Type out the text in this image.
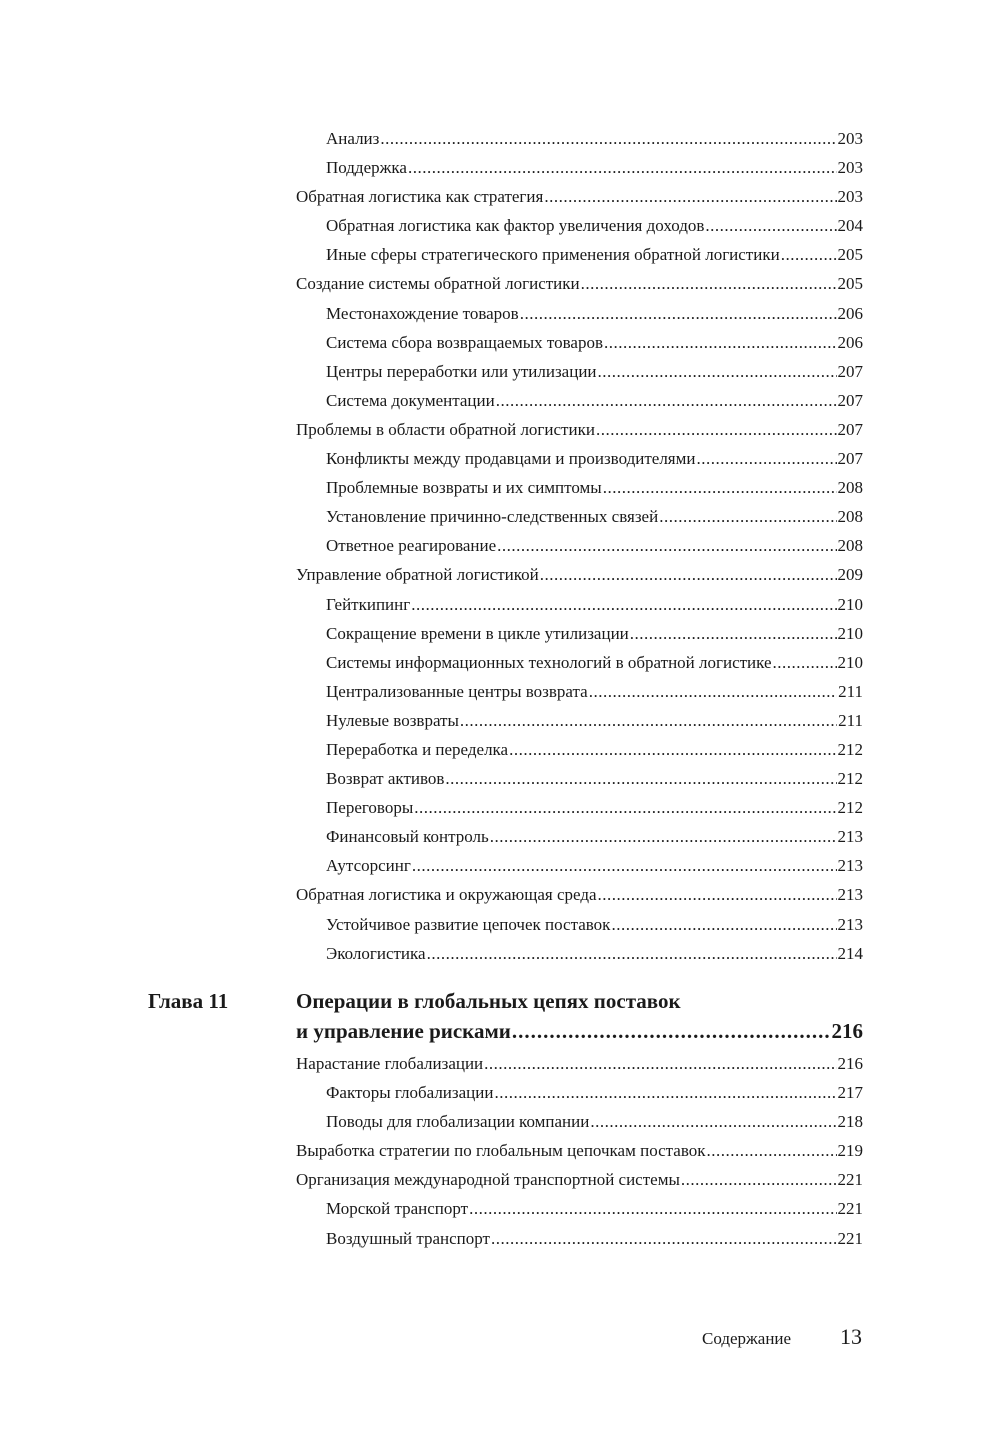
Анализ .....	203
Поддержка .....	203
Обратная логистика как стратегия .....	203
Обратная логистика как фактор увеличения доходов .....	204
Иные сферы стратегического применения обратной логистики .....	205
Создание системы обратной логистики .....	205
Местонахождение товаров .....	206
Система сбора возвращаемых товаров .....	206
Центры переработки или утилизации .....	207
Система документации .....	207
Проблемы в области обратной логистики .....	207
Конфликты между продавцами и производителями .....	207
Проблемные возвраты и их симптомы .....	208
Установление причинно-следственных связей .....	208
Ответное реагирование .....	208
Управление обратной логистикой .....	209
Гейткипинг .....	210
Сокращение времени в цикле утилизации .....	210
Системы информационных технологий в обратной логистике .....	210
Централизованные центры возврата .....	211
Нулевые возвраты .....	211
Переработка и переделка .....	212
Возврат активов .....	212
Переговоры .....	212
Финансовый контроль .....	213
Аутсорсинг .....	213
Обратная логистика и окружающая среда .....	213
Устойчивое развитие цепочек поставок .....	213
Экологистика .....	214
Глава 11	Операции в глобальных цепях поставок
и управление рисками .....	216
Нарастание глобализации .....	216
Факторы глобализации .....	217
Поводы для глобализации компании .....	218
Выработка стратегии по глобальным цепочкам поставок .....	219
Организация международной транспортной системы .....	221
Морской транспорт .....	221
Воздушный транспорт .....	221
Содержание 13
